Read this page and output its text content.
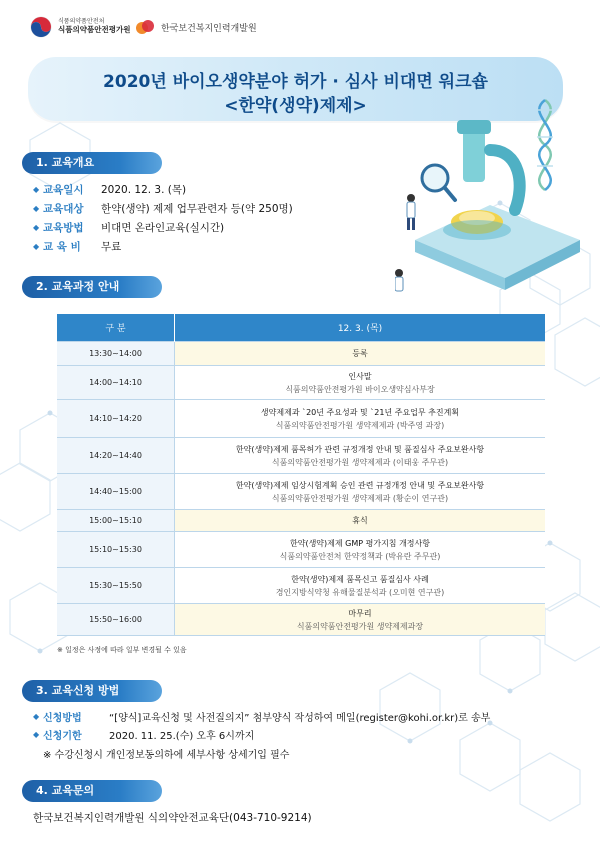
식품의약품안전처
식품의약품안전평가원	한국보건복지인력개발원
2020년 바이오생약분야 허가 · 심사 비대면 워크숍
<한약(생약)제제>
1. 교육개요
◆ 교육일시	2020. 12. 3. (목)
◆ 교육대상	한약(생약) 제제 업무관련자 등(약 250명)
◆ 교육방법	비대면 온라인교육(실시간)
◆ 교 육 비	무료
2. 교육과정 안내
구 분	12. 3. (목)
13:30~14:00	등록

14:00~14:10	인사말
식품의약품안전평가원 바이오생약심사부장

14:10~14:20	생약제제과 `20년 주요성과 및 `21년 주요업무 추진계획
식품의약품안전평가원 생약제제과 (박주영 과장)

14:20~14:40	한약(생약)제제 품목허가 관련 규정개정 안내 및 품질심사 주요보완사항
식품의약품안전평가원 생약제제과 (이태웅 주무관)

14:40~15:00	한약(생약)제제 임상시험계획 승인 관련 규정개정 안내 및 주요보완사항
식품의약품안전평가원 생약제제과 (황순이 연구관)

15:00~15:10	휴식

15:10~15:30	한약(생약)제제 GMP 평가지침 개정사항
식품의약품안전처 한약정책과 (박유란 주무관)

15:30~15:50	한약(생약)제제 품목신고 품질심사 사례
경인지방식약청 유해물질분석과 (오미현 연구관)

15:50~16:00	마무리
식품의약품안전평가원 생약제제과장
※ 일정은 사정에 따라 일부 변경될 수 있음
3. 교육신청 방법
◆ 신청방법	“[양식]교육신청 및 사전질의지” 첨부양식 작성하여 메일(register@kohi.or.kr)로 송부
◆ 신청기한	2020. 11. 25.(수) 오후 6시까지
※ 수강신청시 개인정보동의하에 세부사항 상세기입 필수
4. 교육문의
한국보건복지인력개발원 식의약안전교육단(043-710-9214)
